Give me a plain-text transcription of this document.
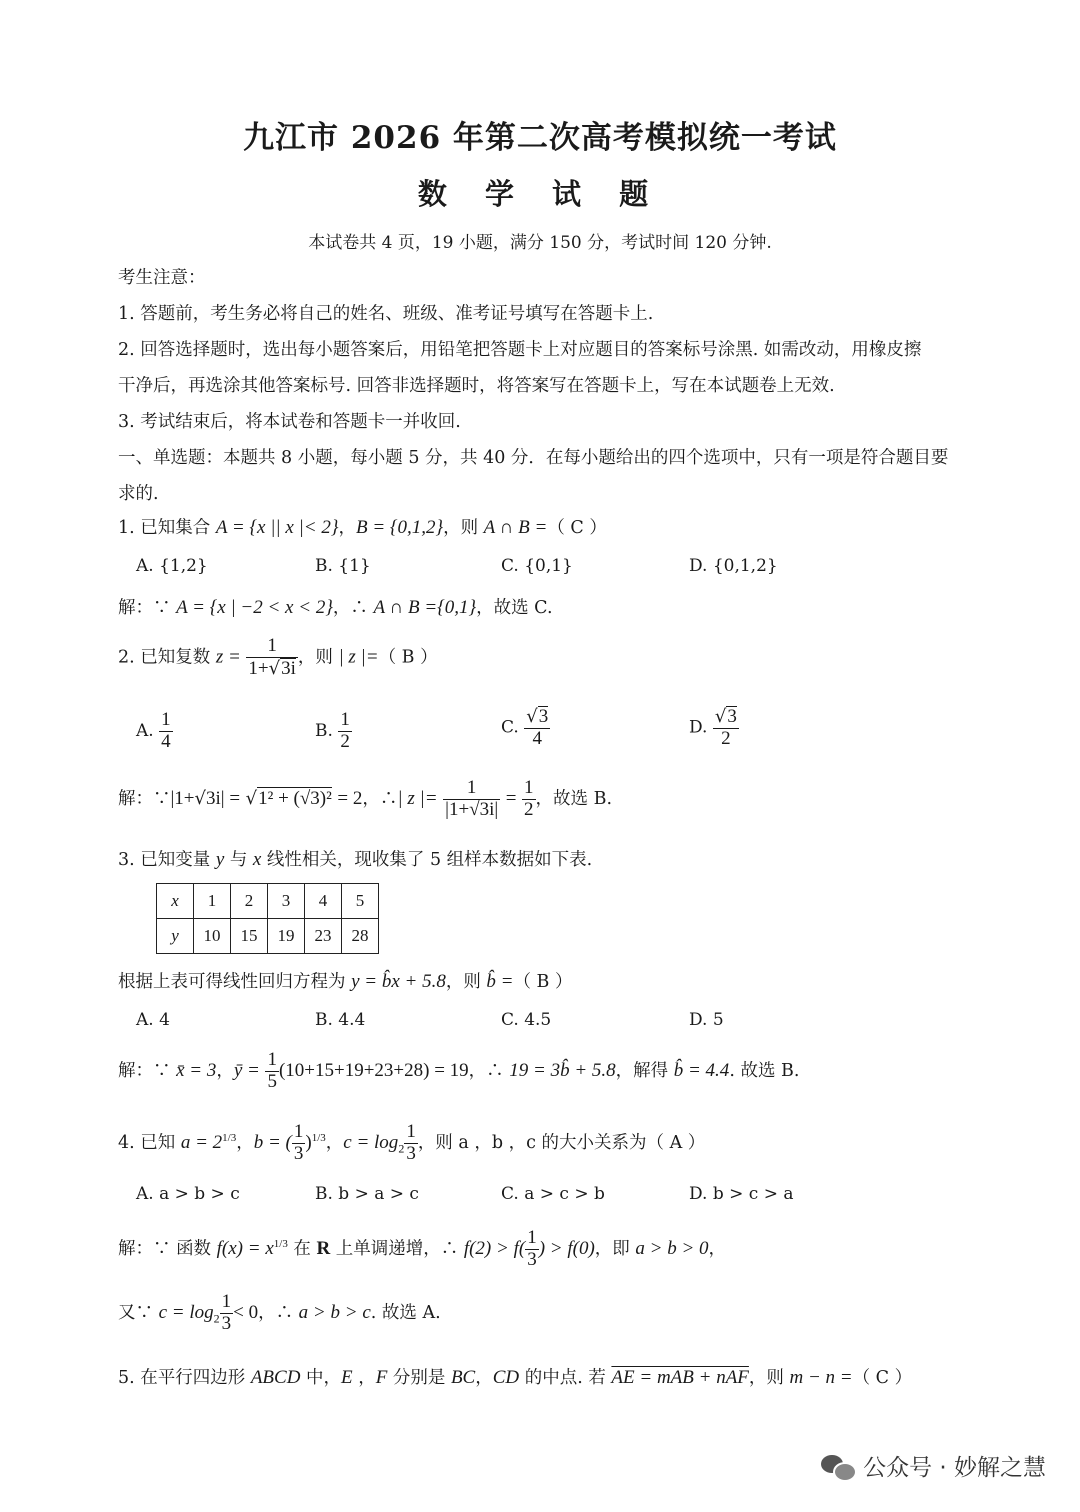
九江市 2026 年第二次高考模拟统一考试
数 学 试 题
本试卷共 4 页，19 小题，满分 150 分，考试时间 120 分钟.
考生注意：
1. 答题前，考生务必将自己的姓名、班级、准考证号填写在答题卡上.
2. 回答选择题时，选出每小题答案后，用铅笔把答题卡上对应题目的答案标号涂黑. 如需改动，用橡皮擦
干净后，再选涂其他答案标号. 回答非选择题时，将答案写在答题卡上，写在本试题卷上无效.
3. 考试结束后，将本试卷和答题卡一并收回.
一、单选题：本题共 8 小题，每小题 5 分，共 40 分．在每小题给出的四个选项中，只有一项是符合题目要
求的.
1. 已知集合 A = {x || x |< 2}，B = {0,1,2}，则 A ∩ B =（ C ）
A. {1,2}	B. {1}	C. {0,1}	D. {0,1,2}
解：∵ A = {x | −2 < x < 2}，∴ A ∩ B ={0,1}，故选 C.
2. 已知复数 $z = \frac{1}{1+√3i}$ ，则 | z |=（ B ）
A. $\frac{1}{4}$	B. $\frac{1}{2}$	C. $\frac{√3}{4}$	D. $\frac{√3}{2}$
解：∵|1+√3i| = √1² + (√3)² = 2，∴| z |= $\frac{1}{|1+√3i|} = \frac{1}{2}$ ，故选 B.
3. 已知变量 y 与 x 线性相关，现收集了 5 组样本数据如下表.
x	1	2	3	4	5
y	10	15	19	23	28
根据上表可得线性回归方程为 y = b̂x + 5.8，则 b̂ =（ B ）
A. 4	B. 4.4	C. 4.5	D. 5
解：∵ x̄ = 3，ȳ = $\frac{1}{5} (10+15+19+23+28) = 19$，∴ 19 = 3b̂ + 5.8，解得 b̂ = 4.4. 故选 B.
4. 已知 $a = 2^{1/3}$，b = ( $\frac{1}{3} )^{1/3}$，$c = \log_2 \frac{1}{3}$ ，则 a ，b ，c 的大小关系为（ A ）
A. a > b > c	B. b > a > c	C. a > c > b	D. b > c > a
解：∵ 函数 $f(x) = x^{1/3}$ 在 R 上单调递增，∴ $f(2) > f( \frac{1}{3}$ ) > f(0)，即 a > b > 0，
又∵ $c = \log_2 \frac{1}{3} < 0$，∴ a > b > c. 故选 A.
5. 在平行四边形 ABCD 中，E ，F 分别是 BC，CD 的中点. 若 AE = mAB + nAF，则 m − n =（ C ）
公众号 · 妙解之慧
